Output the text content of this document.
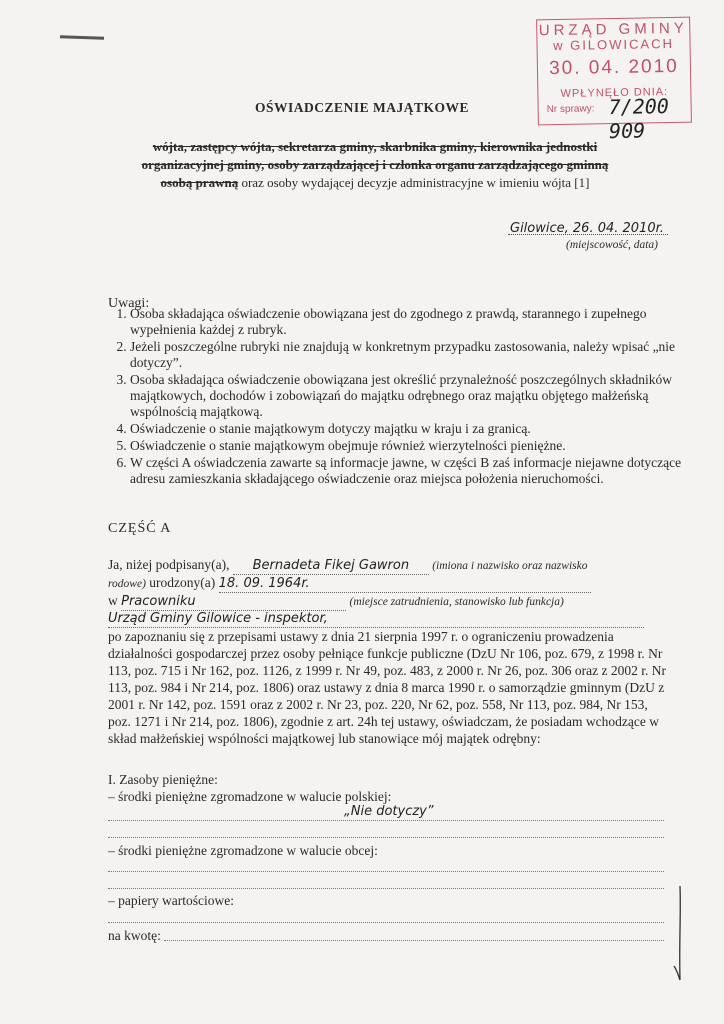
URZĄD GMINY
w GILOWICACH
30. 04. 2010
WPŁYNĘŁO DNIA:
Nr sprawy: 7/200 909
OŚWIADCZENIE MAJĄTKOWE
wójta, zastępcy wójta, sekretarza gminy, skarbnika gminy, kierownika jednostki
organizacyjnej gminy, osoby zarządzającej i członka organu zarządzającego gminną
osobą prawną oraz osoby wydającej decyzje administracyjne w imieniu wójta [1]
Gilowice, 26. 04. 2010r.
(miejscowość, data)
Uwagi:
1. Osoba składająca oświadczenie obowiązana jest do zgodnego z prawdą, starannego i zupełnego wypełnienia każdej z rubryk.
2. Jeżeli poszczególne rubryki nie znajdują w konkretnym przypadku zastosowania, należy wpisać „nie dotyczy”.
3. Osoba składająca oświadczenie obowiązana jest określić przynależność poszczególnych składników majątkowych, dochodów i zobowiązań do majątku odrębnego oraz majątku objętego małżeńską wspólnością majątkową.
4. Oświadczenie o stanie majątkowym dotyczy majątku w kraju i za granicą.
5. Oświadczenie o stanie majątkowym obejmuje również wierzytelności pieniężne.
6. W części A oświadczenia zawarte są informacje jawne, w części B zaś informacje niejawne dotyczące adresu zamieszkania składającego oświadczenie oraz miejsca położenia nieruchomości.
CZĘŚĆ A
Ja, niżej podpisany(a), Bernadeta Fikej Gawron (imiona i nazwisko oraz nazwisko
rodowe) urodzony(a) 18. 09. 1964r.
w Pracowniku	(miejsce zatrudnienia, stanowisko lub funkcja)
Urząd Gminy Gilowice - inspektor,
po zapoznaniu się z przepisami ustawy z dnia 21 sierpnia 1997 r. o ograniczeniu prowadzenia działalności gospodarczej przez osoby pełniące funkcje publiczne (DzU Nr 106, poz. 679, z 1998 r. Nr 113, poz. 715 i Nr 162, poz. 1126, z 1999 r. Nr 49, poz. 483, z 2000 r. Nr 26, poz. 306 oraz z 2002 r. Nr 113, poz. 984 i Nr 214, poz. 1806) oraz ustawy z dnia 8 marca 1990 r. o samorządzie gminnym (DzU z 2001 r. Nr 142, poz. 1591 oraz z 2002 r. Nr 23, poz. 220, Nr 62, poz. 558, Nr 113, poz. 984, Nr 153, poz. 1271 i Nr 214, poz. 1806), zgodnie z art. 24h tej ustawy, oświadczam, że posiadam wchodzące w skład małżeńskiej wspólności majątkowej lub stanowiące mój majątek odrębny:
I. Zasoby pieniężne:
– środki pieniężne zgromadzone w walucie polskiej:
„Nie dotyczy”
– środki pieniężne zgromadzone w walucie obcej:
– papiery wartościowe:
na kwotę:
